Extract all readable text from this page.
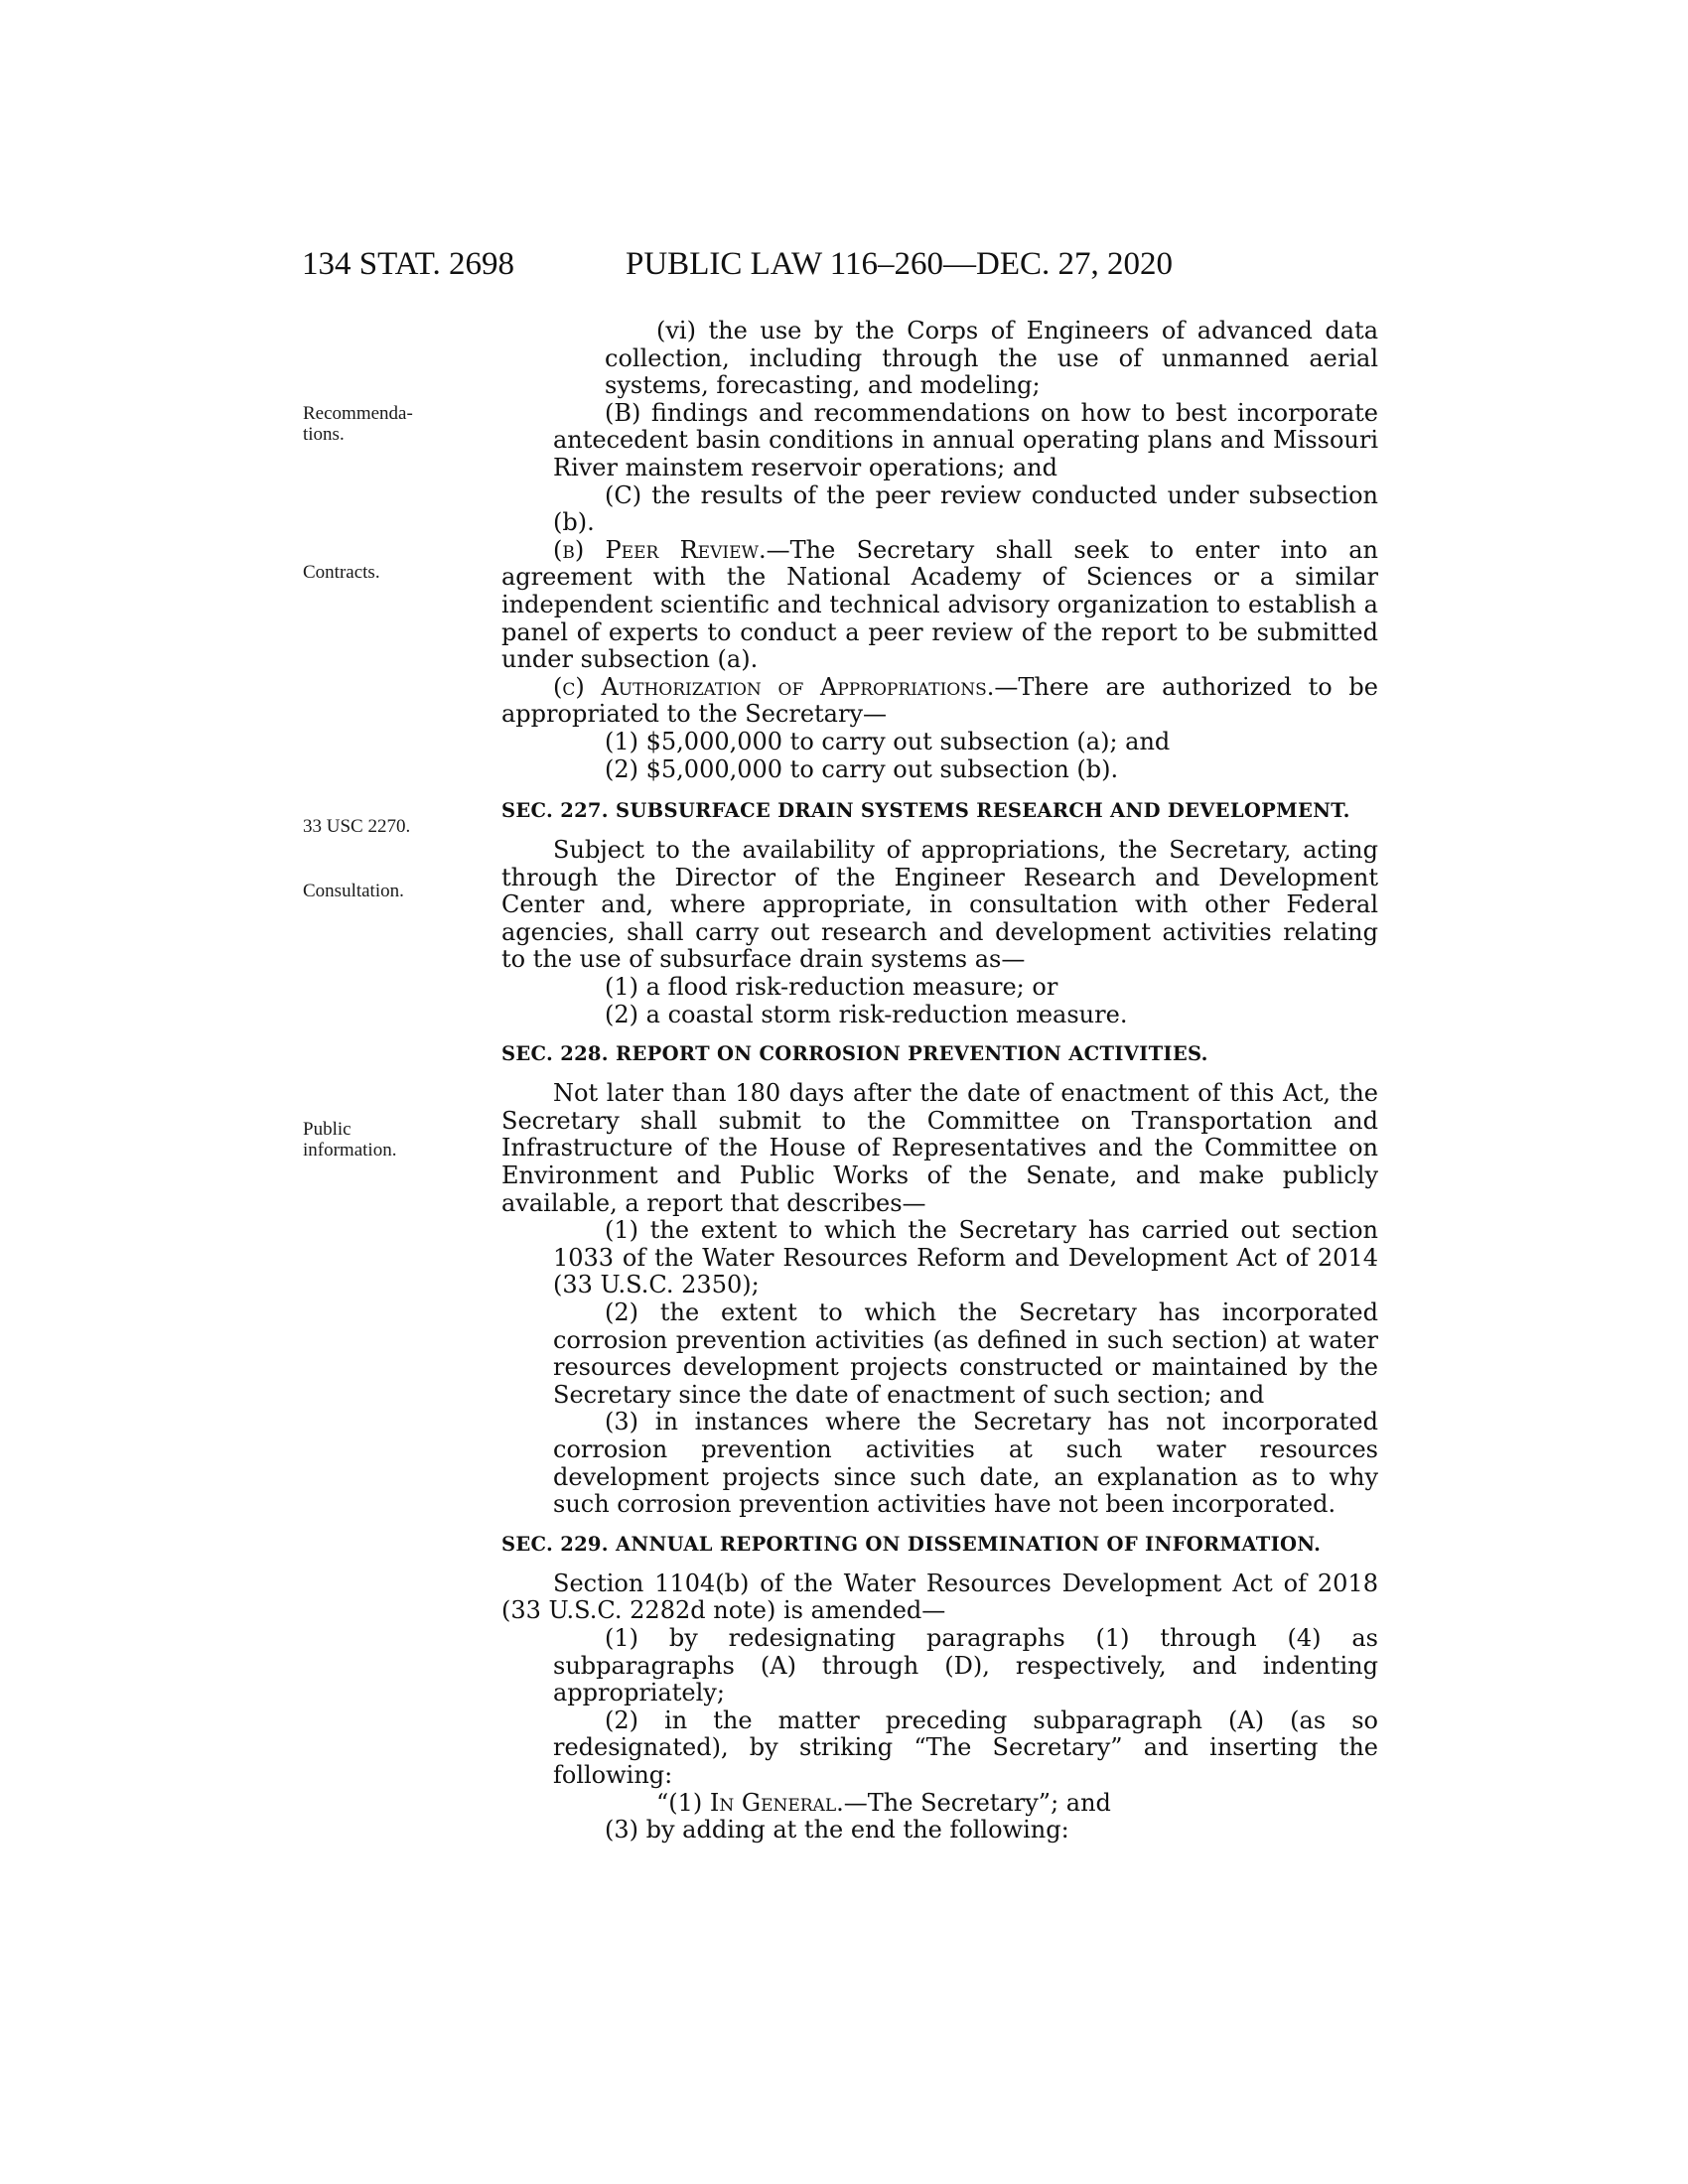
134 STAT. 2698	PUBLIC LAW 116–260—DEC. 27, 2020
Recommenda-
tions.
Contracts.
33 USC 2270.
Consultation.
Public
information.

(vi) the use by the Corps of Engineers of advanced data collection, including through the use of unmanned aerial systems, forecasting, and modeling;

(B) findings and recommendations on how to best incorporate antecedent basin conditions in annual operating plans and Missouri River mainstem reservoir operations; and

(C) the results of the peer review conducted under subsection (b).

(b) Peer Review.—The Secretary shall seek to enter into an agreement with the National Academy of Sciences or a similar independent scientific and technical advisory organization to establish a panel of experts to conduct a peer review of the report to be submitted under subsection (a).

(c) Authorization of Appropriations.—There are authorized to be appropriated to the Secretary—

(1) $5,000,000 to carry out subsection (a); and

(2) $5,000,000 to carry out subsection (b).

SEC. 227. SUBSURFACE DRAIN SYSTEMS RESEARCH AND DEVELOPMENT.

Subject to the availability of appropriations, the Secretary, acting through the Director of the Engineer Research and Development Center and, where appropriate, in consultation with other Federal agencies, shall carry out research and development activities relating to the use of subsurface drain systems as—

(1) a flood risk-reduction measure; or

(2) a coastal storm risk-reduction measure.

SEC. 228. REPORT ON CORROSION PREVENTION ACTIVITIES.

Not later than 180 days after the date of enactment of this Act, the Secretary shall submit to the Committee on Transportation and Infrastructure of the House of Representatives and the Committee on Environment and Public Works of the Senate, and make publicly available, a report that describes—

(1) the extent to which the Secretary has carried out section 1033 of the Water Resources Reform and Development Act of 2014 (33 U.S.C. 2350);

(2) the extent to which the Secretary has incorporated corrosion prevention activities (as defined in such section) at water resources development projects constructed or maintained by the Secretary since the date of enactment of such section; and

(3) in instances where the Secretary has not incorporated corrosion prevention activities at such water resources development projects since such date, an explanation as to why such corrosion prevention activities have not been incorporated.

SEC. 229. ANNUAL REPORTING ON DISSEMINATION OF INFORMATION.

Section 1104(b) of the Water Resources Development Act of 2018 (33 U.S.C. 2282d note) is amended—

(1) by redesignating paragraphs (1) through (4) as subparagraphs (A) through (D), respectively, and indenting appropriately;

(2) in the matter preceding subparagraph (A) (as so redesignated), by striking “The Secretary” and inserting the following:

“(1) In General.—The Secretary”; and

(3) by adding at the end the following:
